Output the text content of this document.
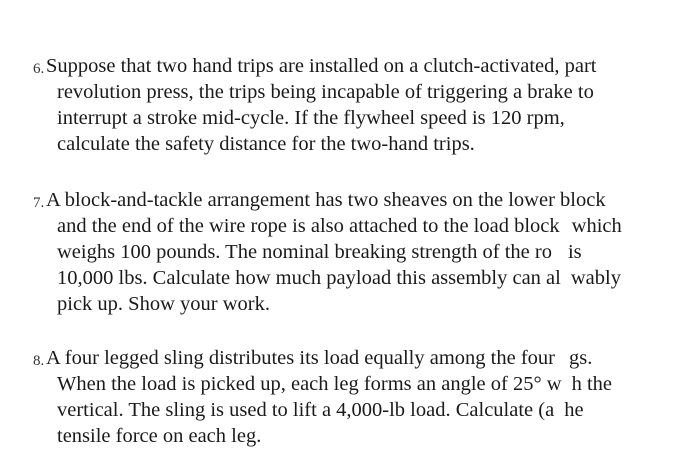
6. Suppose that two hand trips are installed on a clutch-activated, part
revolution press, the trips being incapable of triggering a brake to
interrupt a stroke mid-cycle. If the flywheel speed is 120 rpm,
calculate the safety distance for the two-hand trips.
7. A block-and-tackle arrangement has two sheaves on the lower block
and the end of the wire rope is also attached to the load block which
weighs 100 pounds. The nominal breaking strength of the ro is
10,000 lbs. Calculate how much payload this assembly can al wably
pick up. Show your work.
8. A four legged sling distributes its load equally among the four gs.
When the load is picked up, each leg forms an angle of 25° w h the
vertical. The sling is used to lift a 4,000-lb load. Calculate (a he
tensile force on each leg.
